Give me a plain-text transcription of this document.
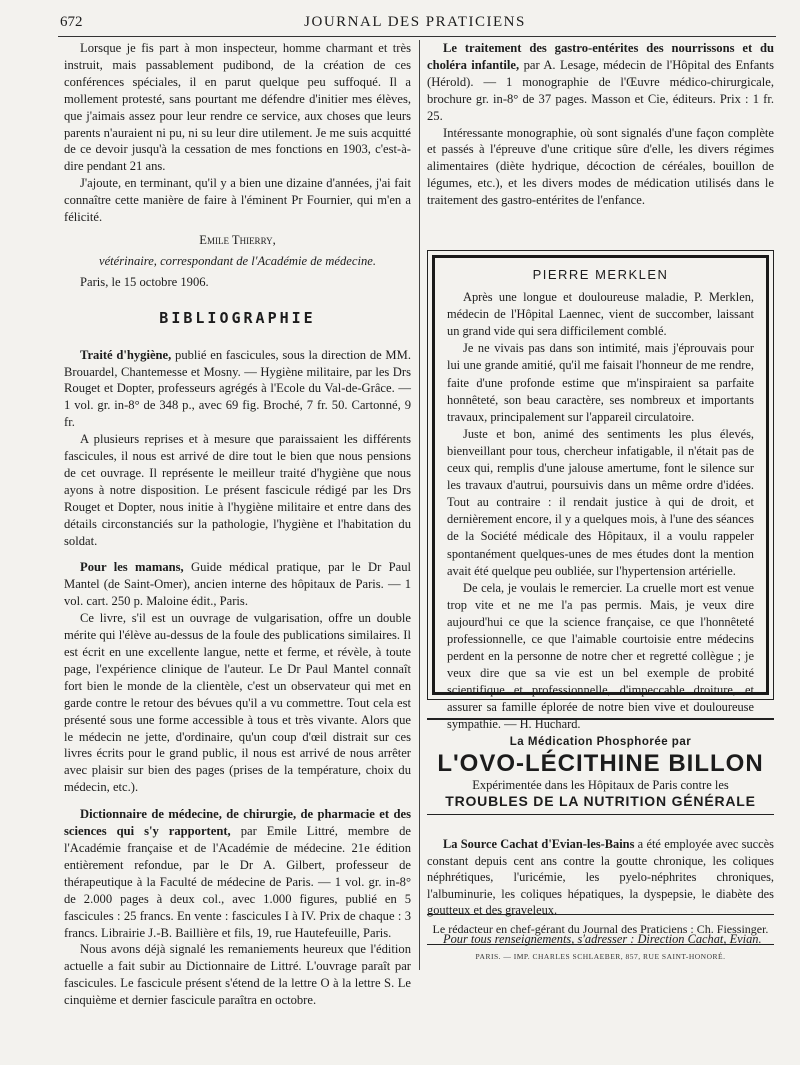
672	JOURNAL DES PRATICIENS

Lorsque je fis part à mon inspecteur, homme charmant et très instruit, mais passablement pudibond, de la création de ces conférences spéciales, il en parut quelque peu suffoqué. Il a mollement protesté, sans pourtant me défendre d'initier mes élèves, que j'aimais assez pour leur rendre ce service, aux choses que leurs parents n'auraient ni pu, ni su leur dire utilement. Je me suis acquitté de ce devoir jusqu'à la cessation de mes fonctions en 1903, c'est-à-dire pendant 21 ans.

J'ajoute, en terminant, qu'il y a bien une dizaine d'années, j'ai fait connaître cette manière de faire à l'éminent Pr Fournier, qui m'en a félicité.

Emile Thierry,
vétérinaire, correspondant de l'Académie de médecine.

Paris, le 15 octobre 1906.

BIBLIOGRAPHIE

Traité d'hygiène, publié en fascicules, sous la direction de MM. Brouardel, Chantemesse et Mosny. — Hygiène militaire, par les Drs Rouget et Dopter, professeurs agrégés à l'Ecole du Val-de-Grâce. — 1 vol. gr. in-8° de 348 p., avec 69 fig. Broché, 7 fr. 50. Cartonné, 9 fr.

A plusieurs reprises et à mesure que paraissaient les différents fascicules, il nous est arrivé de dire tout le bien que nous pensions de cet ouvrage. Il représente le meilleur traité d'hygiène que nous ayons à notre disposition. Le présent fascicule rédigé par les Drs Rouget et Dopter, nous initie à l'hygiène militaire et entre dans des détails circonstanciés sur la pathologie, l'hygiène et l'habitation du soldat.

Pour les mamans, Guide médical pratique, par le Dr Paul Mantel (de Saint-Omer), ancien interne des hôpitaux de Paris. — 1 vol. cart. 250 p. Maloine édit., Paris.

Ce livre, s'il est un ouvrage de vulgarisation, offre un double mérite qui l'élève au-dessus de la foule des publications similaires. Il est écrit en une excellente langue, nette et ferme, et révèle, à toute page, l'expérience clinique de l'auteur. Le Dr Paul Mantel connaît fort bien le monde de la clientèle, c'est un observateur qui met en garde contre le retour des bévues qu'il a vu commettre. Tout cela est présenté sous une forme accessible à tous et très vivante. Alors que le médecin ne jette, d'ordinaire, qu'un coup d'œil distrait sur ces livres écrits pour le grand public, il nous est arrivé de nous arrêter avec plaisir sur bien des pages (prises de la température, choix du médecin, etc.).

Dictionnaire de médecine, de chirurgie, de pharmacie et des sciences qui s'y rapportent, par Emile Littré, membre de l'Académie française et de l'Académie de médecine. 21e édition entièrement refondue, par le Dr A. Gilbert, professeur de thérapeutique à la Faculté de médecine de Paris. — 1 vol. gr. in-8° de 2.000 pages à deux col., avec 1.000 figures, publié en 5 fascicules : 25 francs. En vente : fascicules I à IV. Prix de chaque : 3 francs. Librairie J.-B. Baillière et fils, 19, rue Hautefeuille, Paris.

Nous avons déjà signalé les remaniements heureux que l'édition actuelle a fait subir au Dictionnaire de Littré. L'ouvrage paraît par fascicules. Le fascicule présent s'étend de la lettre O à la lettre S. Le cinquième et dernier fascicule paraîtra en octobre.

Le traitement des gastro-entérites des nourrissons et du choléra infantile, par A. Lesage, médecin de l'Hôpital des Enfants (Hérold). — 1 monographie de l'Œuvre médico-chirurgicale, brochure gr. in-8° de 37 pages. Masson et Cie, éditeurs. Prix : 1 fr. 25.

Intéressante monographie, où sont signalés d'une façon complète et passés à l'épreuve d'une critique sûre d'elle, les divers régimes alimentaires (diète hydrique, décoction de céréales, bouillon de légumes, etc.), et les divers modes de médication utilisés dans le traitement des gastro-entérites de l'enfance.

PIERRE MERKLEN

Après une longue et douloureuse maladie, P. Merklen, médecin de l'Hôpital Laennec, vient de succomber, laissant un grand vide qui sera difficilement comblé.

Je ne vivais pas dans son intimité, mais j'éprouvais pour lui une grande amitié, qu'il me faisait l'honneur de me rendre, faite d'une profonde estime que m'inspiraient sa parfaite honnêteté, son beau caractère, ses nombreux et importants travaux, principalement sur l'appareil circulatoire.

Juste et bon, animé des sentiments les plus élevés, bienveillant pour tous, chercheur infatigable, il n'était pas de ceux qui, remplis d'une jalouse amertume, font le silence sur les travaux d'autrui, poursuivis dans un même ordre d'idées. Tout au contraire : il rendait justice à qui de droit, et dernièrement encore, il y a quelques mois, à l'une des séances de la Société médicale des Hôpitaux, il a voulu rappeler spontanément quelques-unes de mes études dont la mention avait été quelque peu oubliée, sur l'hypertension artérielle.

De cela, je voulais le remercier. La cruelle mort est venue trop vite et ne me l'a pas permis. Mais, je veux dire aujourd'hui ce que la science française, ce que l'honnêteté professionnelle, ce que l'aimable courtoisie entre médecins perdent en la personne de notre cher et regretté collègue ; je veux dire que sa vie est un bel exemple de probité scientifique et professionnelle, d'impeccable droiture, et assurer sa famille éplorée de notre bien vive et douloureuse sympathie. — H. Huchard.

La Médication Phosphorée par
L'OVO-LÉCITHINE BILLON
Expérimentée dans les Hôpitaux de Paris contre les
TROUBLES DE LA NUTRITION GÉNÉRALE

La Source Cachat d'Evian-les-Bains a été employée avec succès constant depuis cent ans contre la goutte chronique, les coliques néphrétiques, l'uricémie, les pyelo-néphrites chroniques, l'albuminurie, les coliques hépatiques, la dyspepsie, le diabète des goutteux et des graveleux.

Pour tous renseignements, s'adresser : Direction Cachat, Evian.

Le rédacteur en chef-gérant du Journal des Praticiens : Ch. Fiessinger.
PARIS. — IMP. CHARLES SCHLAEBER, 857, RUE SAINT-HONORÉ.
